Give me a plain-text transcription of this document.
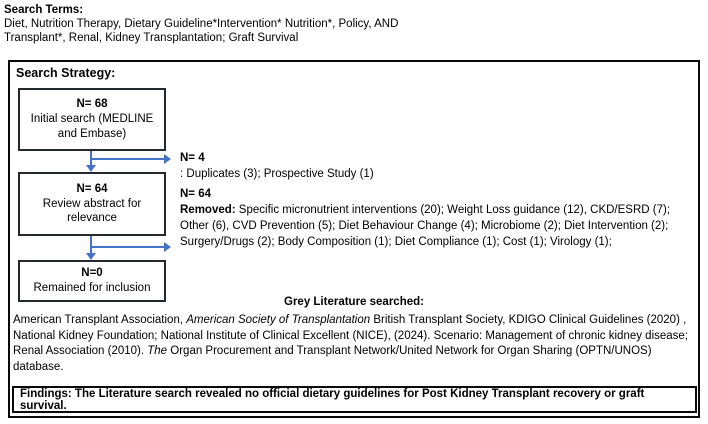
Search Terms:
Diet, Nutrition Therapy, Dietary Guideline*Intervention* Nutrition*, Policy, AND
Transplant*, Renal, Kidney Transplantation; Graft Survival
Search Strategy:
N= 68
Initial search (MEDLINE and Embase)
N= 64
Review abstract for relevance
N=0
Remained for inclusion
N= 4
: Duplicates (3); Prospective Study (1)
N= 64
Removed: Specific micronutrient interventions (20); Weight Loss guidance (12), CKD/ESRD (7); Other (6), CVD Prevention (5); Diet Behaviour Change (4); Microbiome (2); Diet Intervention (2); Surgery/Drugs (2); Body Composition (1); Diet Compliance (1); Cost (1); Virology (1);
Grey Literature searched:
American Transplant Association, American Society of Transplantation British Transplant Society, KDIGO Clinical Guidelines (2020) , National Kidney Foundation; National Institute of Clinical Excellent (NICE), (2024). Scenario: Management of chronic kidney disease; Renal Association (2010). The Organ Procurement and Transplant Network/United Network for Organ Sharing (OPTN/UNOS) database.
Findings: The Literature search revealed no official dietary guidelines for Post Kidney Transplant recovery or graft survival.
